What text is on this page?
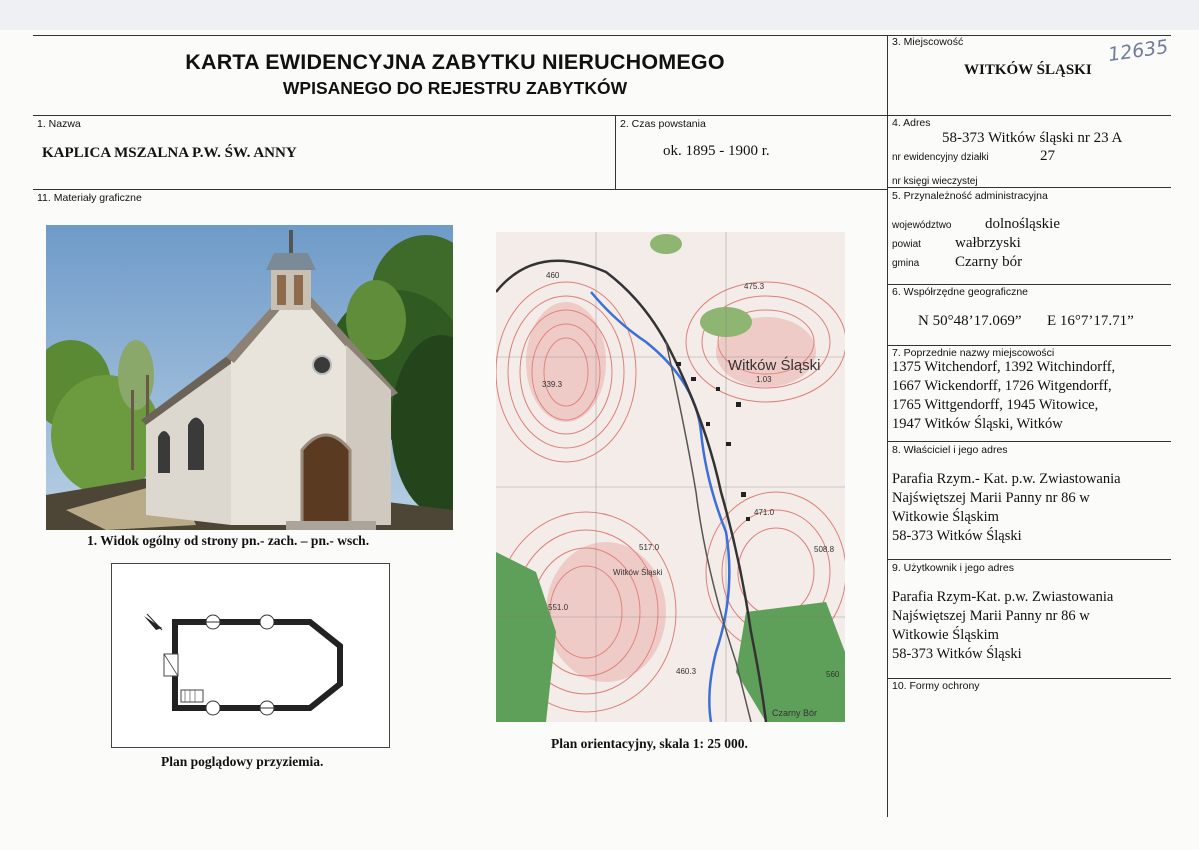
KARTA EWIDENCYJNA ZABYTKU NIERUCHOMEGO
WPISANEGO DO REJESTRU ZABYTKÓW
12635
3. Miejscowość
WITKÓW ŚLĄSKI
1. Nazwa
KAPLICA MSZALNA P.W. ŚW. ANNY
2. Czas powstania
ok. 1895 - 1900 r.
4. Adres
58-373 Witków śląski nr 23 A
nr ewidencyjny działki	27
nr księgi wieczystej
5. Przynależność administracyjna
województwo dolnośląskie
powiat wałbrzyski
gmina Czarny bór
6. Współrzędne geograficzne
N 50°48’17.069” E 16°7’17.71”
7. Poprzednie nazwy miejscowości
1375 Witchendorf, 1392 Witchindorff,
1667 Wickendorff, 1726 Witgendorff,
1765 Wittgendorff, 1945 Witowice,
1947 Witków Śląski, Witków
8. Właściciel i jego adres
Parafia Rzym.- Kat. p.w. Zwiastowania
Najświętszej Marii Panny nr 86 w
Witkowie Śląskim
58-373 Witków Śląski
9. Użytkownik i jego adres
Parafia Rzym-Kat. p.w. Zwiastowania
Najświętszej Marii Panny nr 86 w
Witkowie Śląskim
58-373 Witków Śląski
10. Formy ochrony
11. Materiały graficzne
1. Widok ogólny od strony pn.- zach. – pn.- wsch.
Plan poglądowy przyziemia.
Witków Śląski
1.03
339.3
475.3
471.0
517.0	508.8
Witków Śląski
551.0
560
460.3
460
Czarny Bór
Plan orientacyjny, skala 1: 25 000.
